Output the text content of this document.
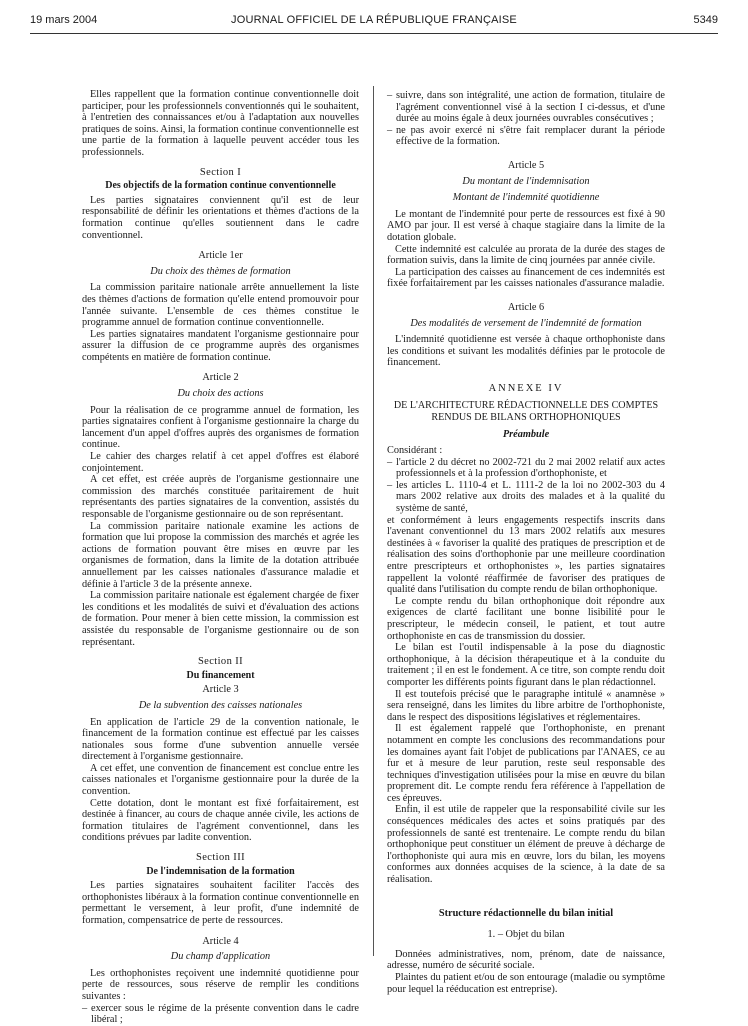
19 mars 2004	JOURNAL OFFICIEL DE LA RÉPUBLIQUE FRANÇAISE	5349

Elles rappellent que la formation continue conventionnelle doit participer, pour les professionnels conventionnés qui le souhaitent, à l'entretien des connaissances et/ou à l'adaptation aux nouvelles pratiques de soins. Ainsi, la formation continue conventionnelle est une partie de la formation à laquelle peuvent accéder tous les professionnels.

Section I
Des objectifs de la formation continue conventionnelle

Les parties signataires conviennent qu'il est de leur responsabilité de définir les orientations et thèmes d'actions de la formation continue qu'elles soutiennent dans le cadre conventionnel.

Article 1er
Du choix des thèmes de formation

La commission paritaire nationale arrête annuellement la liste des thèmes d'actions de formation qu'elle entend promouvoir pour l'année suivante. L'ensemble de ces thèmes constitue le programme annuel de formation continue conventionnelle.

Les parties signataires mandatent l'organisme gestionnaire pour assurer la diffusion de ce programme auprès des organismes compétents en matière de formation continue.

Article 2
Du choix des actions

Pour la réalisation de ce programme annuel de formation, les parties signataires confient à l'organisme gestionnaire la charge du lancement d'un appel d'offres auprès des organismes de formation continue.

Le cahier des charges relatif à cet appel d'offres est élaboré conjointement.

A cet effet, est créée auprès de l'organisme gestionnaire une commission des marchés constituée paritairement de huit représentants des parties signataires de la convention, assistés du responsable de l'organisme gestionnaire ou de son représentant.

La commission paritaire nationale examine les actions de formation que lui propose la commission des marchés et agrée les actions de formation pouvant être mises en œuvre par les organismes de formation, dans la limite de la dotation attribuée annuellement par les caisses nationales d'assurance maladie et définie à l'article 3 de la présente annexe.

La commission paritaire nationale est également chargée de fixer les conditions et les modalités de suivi et d'évaluation des actions de formation. Pour mener à bien cette mission, la commission est assistée du responsable de l'organisme gestionnaire ou de son représentant.

Section II
Du financement
Article 3
De la subvention des caisses nationales

En application de l'article 29 de la convention nationale, le financement de la formation continue est effectué par les caisses nationales sous forme d'une subvention annuelle versée directement à l'organisme gestionnaire.

A cet effet, une convention de financement est conclue entre les caisses nationales et l'organisme gestionnaire pour la durée de la convention.

Cette dotation, dont le montant est fixé forfaitairement, est destinée à financer, au cours de chaque année civile, les actions de formation titulaires de l'agrément conventionnel, dans les conditions prévues par ladite convention.

Section III
De l'indemnisation de la formation

Les parties signataires souhaitent faciliter l'accès des orthophonistes libéraux à la formation continue conventionnelle en permettant le versement, à leur profit, d'une indemnité de formation, compensatrice de perte de ressources.

Article 4
Du champ d'application

Les orthophonistes reçoivent une indemnité quotidienne pour perte de ressources, sous réserve de remplir les conditions suivantes :

– exercer sous le régime de la présente convention dans le cadre libéral ;

– suivre, dans son intégralité, une action de formation, titulaire de l'agrément conventionnel visé à la section I ci-dessus, et d'une durée au moins égale à deux journées ouvrables consécutives ;

– ne pas avoir exercé ni s'être fait remplacer durant la période effective de la formation.

Article 5
Du montant de l'indemnisation
Montant de l'indemnité quotidienne

Le montant de l'indemnité pour perte de ressources est fixé à 90 AMO par jour. Il est versé à chaque stagiaire dans la limite de la dotation globale.

Cette indemnité est calculée au prorata de la durée des stages de formation suivis, dans la limite de cinq journées par année civile.

La participation des caisses au financement de ces indemnités est fixée forfaitairement par les caisses nationales d'assurance maladie.

Article 6
Des modalités de versement de l'indemnité de formation

L'indemnité quotidienne est versée à chaque orthophoniste dans les conditions et suivant les modalités définies par le protocole de financement.

ANNEXE IV
DE L'ARCHITECTURE RÉDACTIONNELLE DES COMPTES RENDUS DE BILANS ORTHOPHONIQUES
Préambule

Considérant :

– l'article 2 du décret no 2002-721 du 2 mai 2002 relatif aux actes professionnels et à la profession d'orthophoniste, et

– les articles L. 1110-4 et L. 1111-2 de la loi no 2002-303 du 4 mars 2002 relative aux droits des malades et à la qualité du système de santé,

et conformément à leurs engagements respectifs inscrits dans l'avenant conventionnel du 13 mars 2002 relatifs aux mesures destinées à « favoriser la qualité des pratiques de prescription et de réalisation des soins d'orthophonie par une meilleure coordination entre prescripteurs et orthophonistes », les parties signataires rappellent la volonté réaffirmée de favoriser des pratiques de qualité dans l'utilisation du compte rendu de bilan orthophonique.

Le compte rendu du bilan orthophonique doit répondre aux exigences de clarté facilitant une bonne lisibilité pour le prescripteur, le médecin conseil, le patient, et tout autre orthophoniste en cas de transmission du dossier.

Le bilan est l'outil indispensable à la pose du diagnostic orthophonique, à la décision thérapeutique et à la conduite du traitement ; il en est le fondement. A ce titre, son compte rendu doit comporter les différents points figurant dans le plan rédactionnel.

Il est toutefois précisé que le paragraphe intitulé « anamnèse » sera renseigné, dans les limites du libre arbitre de l'orthophoniste, dans le respect des dispositions législatives et réglementaires.

Il est également rappelé que l'orthophoniste, en prenant notamment en compte les conclusions des recommandations pour les domaines ayant fait l'objet de publications par l'ANAES, ce au fur et à mesure de leur parution, reste seul responsable des techniques d'investigation utilisées pour la mise en œuvre du bilan proprement dit. Le compte rendu fera référence à l'appellation de ces épreuves.

Enfin, il est utile de rappeler que la responsabilité civile sur les conséquences médicales des actes et soins pratiqués par des professionnels de santé est trentenaire. Le compte rendu du bilan orthophonique peut constituer un élément de preuve à décharge de l'orthophoniste qui aura mis en œuvre, lors du bilan, les moyens conformes aux données acquises de la science, à la date de sa réalisation.

Structure rédactionnelle du bilan initial
1. – Objet du bilan

Données administratives, nom, prénom, date de naissance, adresse, numéro de sécurité sociale.

Plaintes du patient et/ou de son entourage (maladie ou symptôme pour lequel la rééducation est entreprise).
